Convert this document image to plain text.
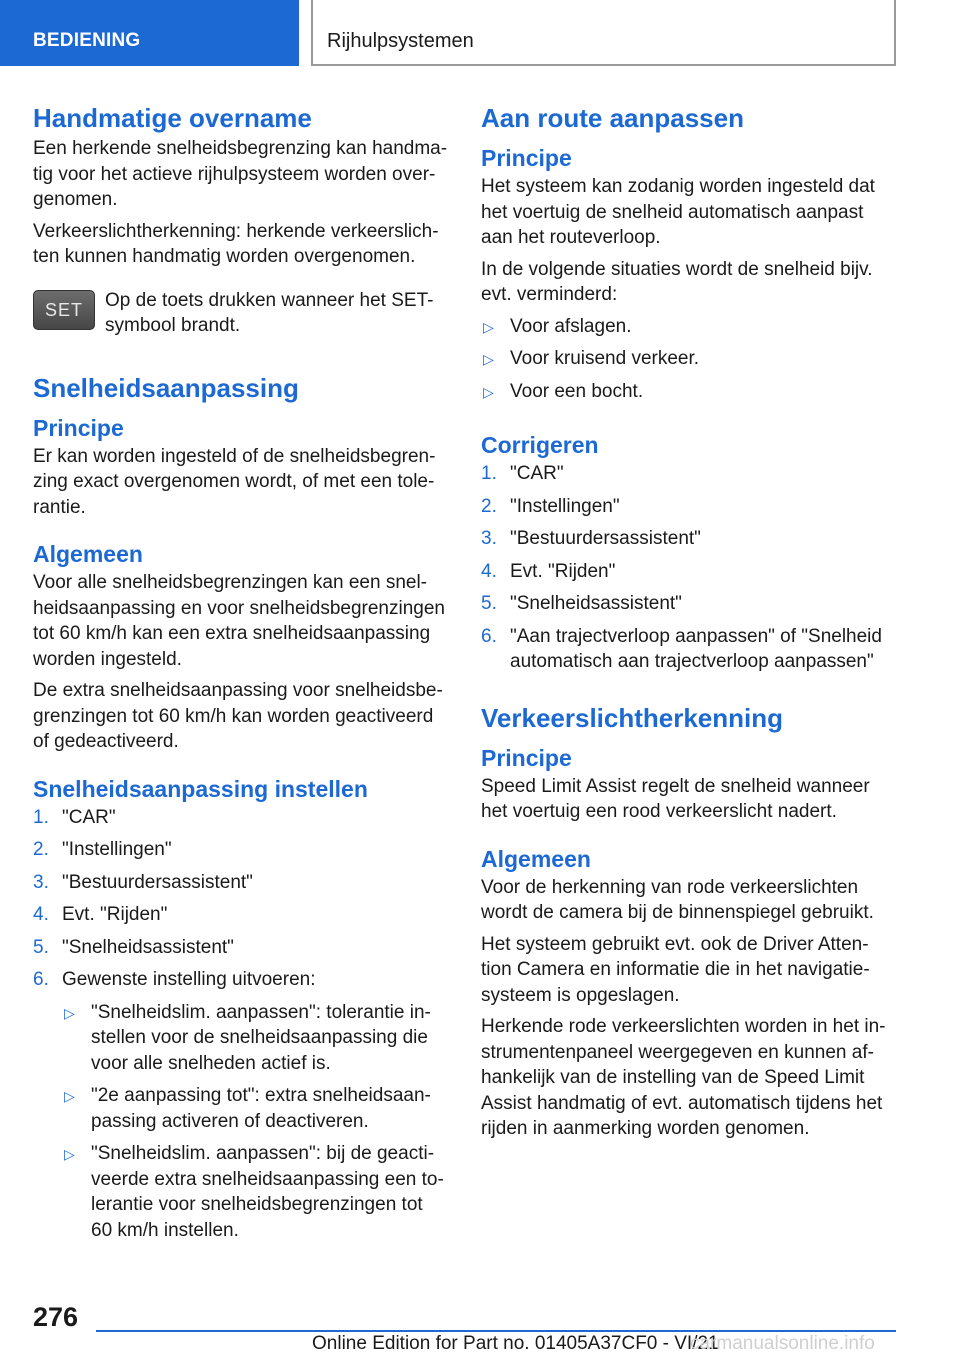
BEDIENING	Rijhulpsystemen
Handmatige overname

Een herkende snelheidsbegrenzing kan handma-tig voor het actieve rijhulpsysteem worden over-genomen.

Verkeerslichtherkenning: herkende verkeerslich-ten kunnen handmatig worden overgenomen.

SET	Op de toets drukken wanneer het SET-symbool brandt.

Snelheidsaanpassing
Principe

Er kan worden ingesteld of de snelheidsbegren-zing exact overgenomen wordt, of met een tole-rantie.

Algemeen

Voor alle snelheidsbegrenzingen kan een snel-heidsaanpassing en voor snelheidsbegrenzingen tot 60 km/h kan een extra snelheidsaanpassing worden ingesteld.

De extra snelheidsaanpassing voor snelheidsbe-grenzingen tot 60 km/h kan worden geactiveerd of gedeactiveerd.

Snelheidsaanpassing instellen
1. "CAR"
2. "Instellingen"
3. "Bestuurdersassistent"
4. Evt. "Rijden"
5. "Snelheidsassistent"
6. Gewenste instelling uitvoeren:
▷ "Snelheidslim. aanpassen": tolerantie in-stellen voor de snelheidsaanpassing die voor alle snelheden actief is.
▷ "2e aanpassing tot": extra snelheidsaan-passing activeren of deactiveren.
▷ "Snelheidslim. aanpassen": bij de geacti-veerde extra snelheidsaanpassing een to-lerantie voor snelheidsbegrenzingen tot 60 km/h instellen.
Aan route aanpassen
Principe

Het systeem kan zodanig worden ingesteld dat het voertuig de snelheid automatisch aanpast aan het routeverloop.

In de volgende situaties wordt de snelheid bijv. evt. verminderd:

▷ Voor afslagen.
▷ Voor kruisend verkeer.
▷ Voor een bocht.
Corrigeren
1. "CAR"
2. "Instellingen"
3. "Bestuurdersassistent"
4. Evt. "Rijden"
5. "Snelheidsassistent"
6. "Aan trajectverloop aanpassen" of "Snelheid automatisch aan trajectverloop aanpassen"
Verkeerslichtherkenning
Principe

Speed Limit Assist regelt de snelheid wanneer het voertuig een rood verkeerslicht nadert.

Algemeen

Voor de herkenning van rode verkeerslichten wordt de camera bij de binnenspiegel gebruikt.

Het systeem gebruikt evt. ook de Driver Atten-tion Camera en informatie die in het navigatie-systeem is opgeslagen.

Herkende rode verkeerslichten worden in het in-strumentenpaneel weergegeven en kunnen af-hankelijk van de instelling van de Speed Limit Assist handmatig of evt. automatisch tijdens het rijden in aanmerking worden genomen.

276
Online Edition for Part no. 01405A37CF0 - VI/21
carmanualsonline.info
